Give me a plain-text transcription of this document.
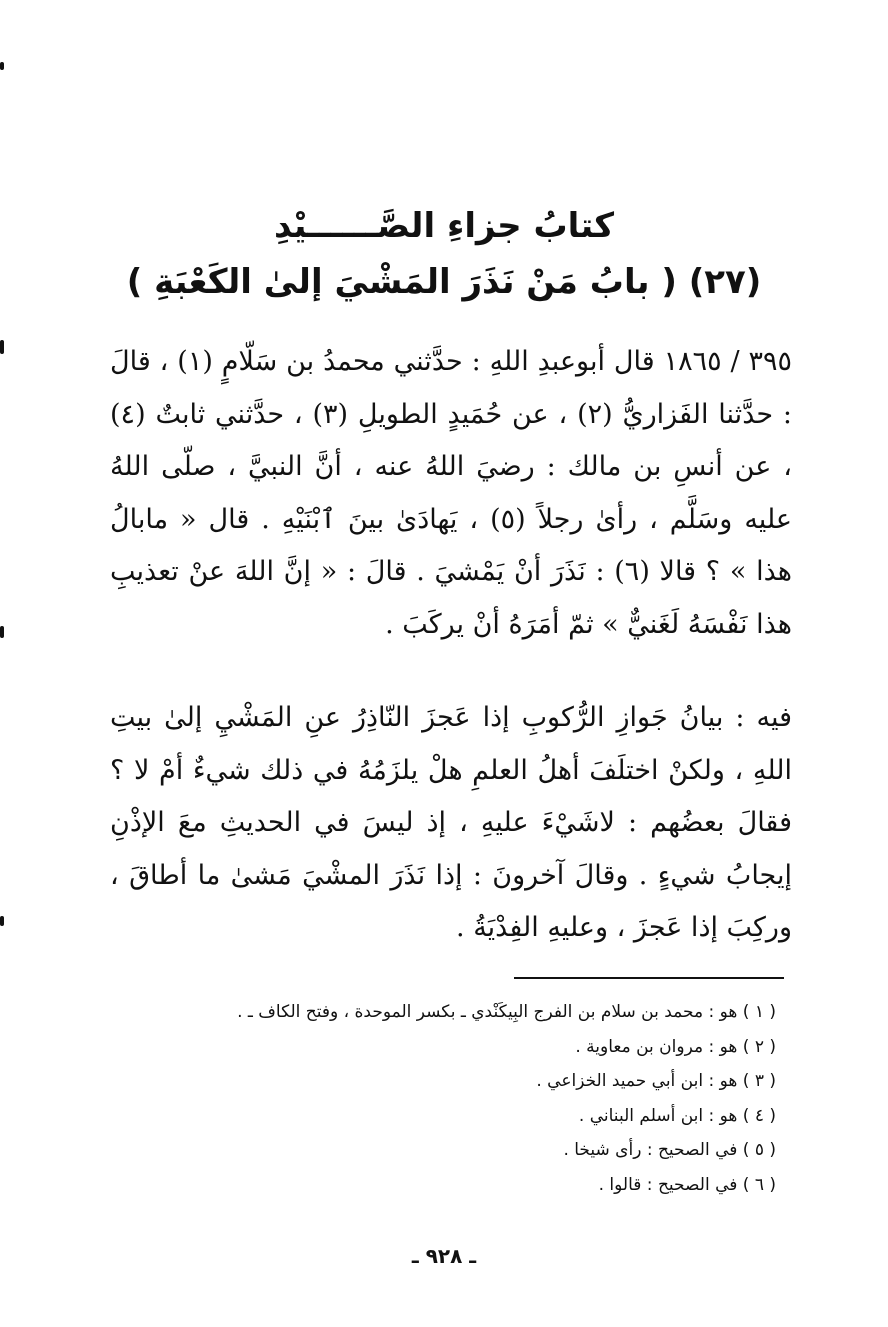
كتابُ جزاءِ الصَّــــــيْدِ
(٢٧) ( بابُ مَنْ نَذَرَ المَشْيَ إلىٰ الكَعْبَةِ )

٣٩٥ / ١٨٦٥ قال أبوعبدِ اللهِ : حدَّثني محمدُ بن سَلّامٍ (١) ، قالَ : حدَّثنا الفَزاريُّ (٢) ، عن حُمَيدٍ الطويلِ (٣) ، حدَّثني ثابتٌ (٤) ، عن أنسِ بن مالك : رضيَ اللهُ عنه ، أنَّ النبيَّ ، صلّى اللهُ عليه وسَلَّم ، رأىٰ رجلاً (٥) ، يَهادَىٰ بينَ ٱبْنَيْهِ . قال « مابالُ هذا » ؟ قالا (٦) : نَذَرَ أنْ يَمْشيَ . قالَ : « إنَّ اللهَ عنْ تعذيبِ هذا نَفْسَهُ لَغَنيٌّ » ثمّ أمَرَهُ أنْ يركَبَ .

فيه : بيانُ جَوازِ الرُّكوبِ إذا عَجزَ النّاذِرُ عنِ المَشْيِ إلىٰ بيتِ اللهِ ، ولكنْ اختلَفَ أهلُ العلمِ هلْ يلزَمُهُ في ذلك شيءٌ أمْ لا ؟ فقالَ بعضُهم : لاشَيْءَ عليهِ ، إذ ليسَ في الحديثِ معَ الإذْنِ إيجابُ شيءٍ . وقالَ آخرونَ : إذا نَذَرَ المشْيَ مَشىٰ ما أطاقَ ، وركِبَ إذا عَجزَ ، وعليهِ الفِدْيَةُ .

( ١ ) هو : محمد بن سلام بن الفرج البِيكَنْدي ـ بكسر الموحدة ، وفتح الكاف ـ .
( ٢ ) هو : مروان بن معاوية .
( ٣ ) هو : ابن أبي حميد الخزاعي .
( ٤ ) هو : ابن أسلم البناني .
( ٥ ) في الصحيح : رأى شيخا .
( ٦ ) في الصحيح : قالوا .
ـ ٩٢٨ ـ
